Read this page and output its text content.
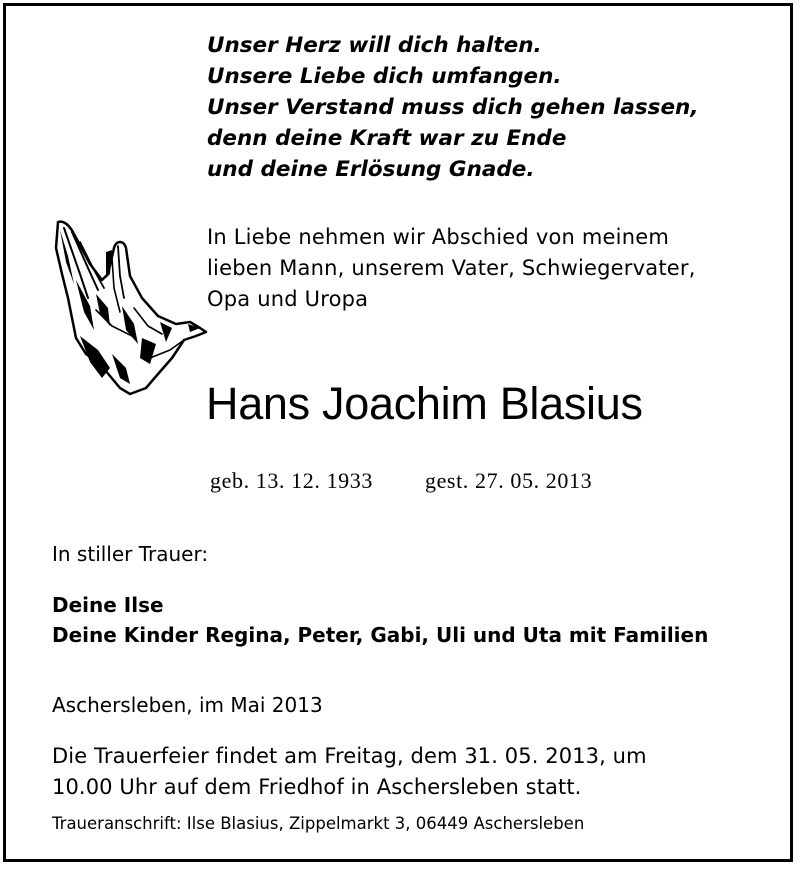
Unser Herz will dich halten.
Unsere Liebe dich umfangen.
Unser Verstand muss dich gehen lassen,
denn deine Kraft war zu Ende
und deine Erlösung Gnade.
In Liebe nehmen wir Abschied von meinem
lieben Mann, unserem Vater, Schwiegervater,
Opa und Uropa
Hans Joachim Blasius
geb. 13. 12. 1933 gest. 27. 05. 2013
In stiller Trauer:
Deine Ilse
Deine Kinder Regina, Peter, Gabi, Uli und Uta mit Familien
Aschersleben, im Mai 2013
Die Trauerfeier findet am Freitag, dem 31. 05. 2013, um
10.00 Uhr auf dem Friedhof in Aschersleben statt.
Traueranschrift: Ilse Blasius, Zippelmarkt 3, 06449 Aschersleben
